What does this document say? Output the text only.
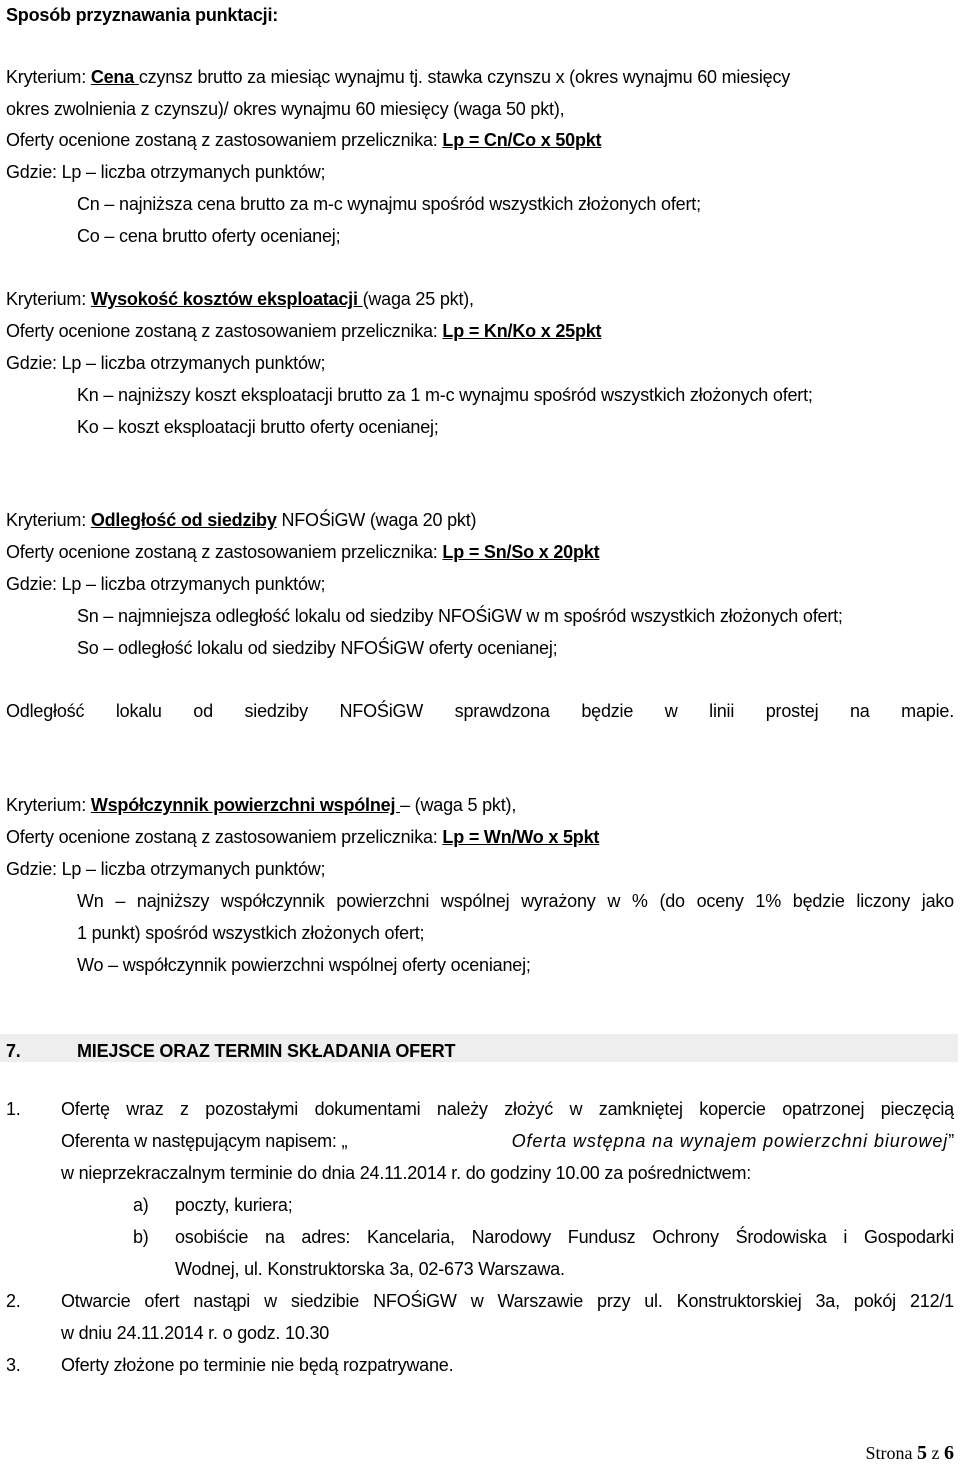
Sposób przyznawania punktacji:
Kryterium: Cena czynsz brutto za miesiąc wynajmu tj. stawka czynszu x (okres wynajmu 60 miesięcy
okres zwolnienia z czynszu)/ okres wynajmu 60 miesięcy (waga 50 pkt),
Oferty ocenione zostaną z zastosowaniem przelicznika: Lp = Cn/Co x 50pkt
Gdzie: Lp – liczba otrzymanych punktów;
Cn – najniższa cena brutto za m-c wynajmu spośród wszystkich złożonych ofert;
Co – cena brutto oferty ocenianej;
Kryterium: Wysokość kosztów eksploatacji (waga 25 pkt),
Oferty ocenione zostaną z zastosowaniem przelicznika: Lp = Kn/Ko x 25pkt
Gdzie: Lp – liczba otrzymanych punktów;
Kn – najniższy koszt eksploatacji brutto za 1 m-c wynajmu spośród wszystkich złożonych ofert;
Ko – koszt eksploatacji brutto oferty ocenianej;
Kryterium: Odległość od siedziby NFOŚiGW (waga 20 pkt)
Oferty ocenione zostaną z zastosowaniem przelicznika: Lp = Sn/So x 20pkt
Gdzie: Lp – liczba otrzymanych punktów;
Sn – najmniejsza odległość lokalu od siedziby NFOŚiGW w m spośród wszystkich złożonych ofert;
So – odległość lokalu od siedziby NFOŚiGW oferty ocenianej;
Odległość lokalu od siedziby NFOŚiGW sprawdzona będzie w linii prostej na mapie.
Kryterium: Współczynnik powierzchni wspólnej – (waga 5 pkt),
Oferty ocenione zostaną z zastosowaniem przelicznika: Lp = Wn/Wo x 5pkt
Gdzie: Lp – liczba otrzymanych punktów;
Wn – najniższy współczynnik powierzchni wspólnej wyrażony w % (do oceny 1% będzie liczony jako
1 punkt) spośród wszystkich złożonych ofert;
Wo – współczynnik powierzchni wspólnej oferty ocenianej;
7.	MIEJSCE ORAZ TERMIN SKŁADANIA OFERT
1. Ofertę wraz z pozostałymi dokumentami należy złożyć w zamkniętej kopercie opatrzonej pieczęcią
Oferenta w następującym napisem: „	Oferta wstępna na wynajem powierzchni biurowej ”
w nieprzekraczalnym terminie do dnia 24.11.2014 r. do godziny 10.00 za pośrednictwem:
a) poczty, kuriera;
b) osobiście na adres: Kancelaria, Narodowy Fundusz Ochrony Środowiska i Gospodarki
Wodnej, ul. Konstruktorska 3a, 02-673 Warszawa.
2. Otwarcie ofert nastąpi w siedzibie NFOŚiGW w Warszawie przy ul. Konstruktorskiej 3a, pokój 212/1
w dniu 24.11.2014 r. o godz. 10.30
3. Oferty złożone po terminie nie będą rozpatrywane.
Strona 5 z 6
